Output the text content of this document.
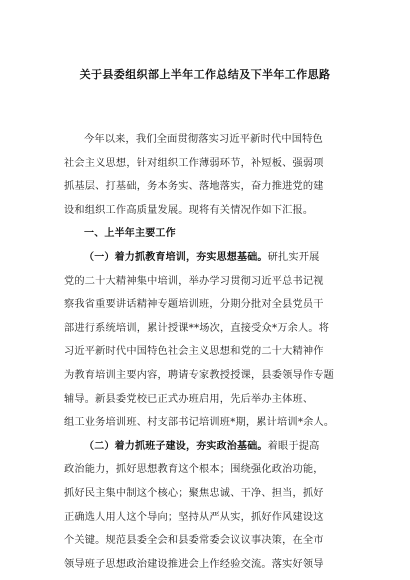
关于县委组织部上半年工作总结及下半年工作思路
今年以来，我们全面贯彻落实习近平新时代中国特色
社会主义思想，针对组织工作薄弱环节，补短板、强弱项
抓基层、打基础，务本务实、落地落实，奋力推进党的建
设和组织工作高质量发展。现将有关情况作如下汇报。
一、上半年主要工作
（一）着力抓教育培训，夯实思想基础。研扎实开展
党的二十大精神集中培训，举办学习贯彻习近平总书记视
察我省重要讲话精神专题培训班，分期分批对全县党员干
部进行系统培训，累计授课**场次，直接受众*万余人。将
习近平新时代中国特色社会主义思想和党的二十大精神作
为教育培训主要内容，聘请专家教授授课，县委领导作专题
辅导。新县委党校已正式办班启用，先后举办主体班、
组工业务培训班、村支部书记培训班*期，累计培训*余人。
（二）着力抓班子建设，夯实政治基础。着眼于提高
政治能力，抓好思想教育这个根本；围绕强化政治功能，
抓好民主集中制这个核心；聚焦忠诚、干净、担当，抓好
正确选人用人这个导向；坚持从严从实，抓好作风建设这
个关键。规范县委全会和县委常委会议议事决策，在全市
领导班子思想政治建设推进会上作经验交流。落实好领导
